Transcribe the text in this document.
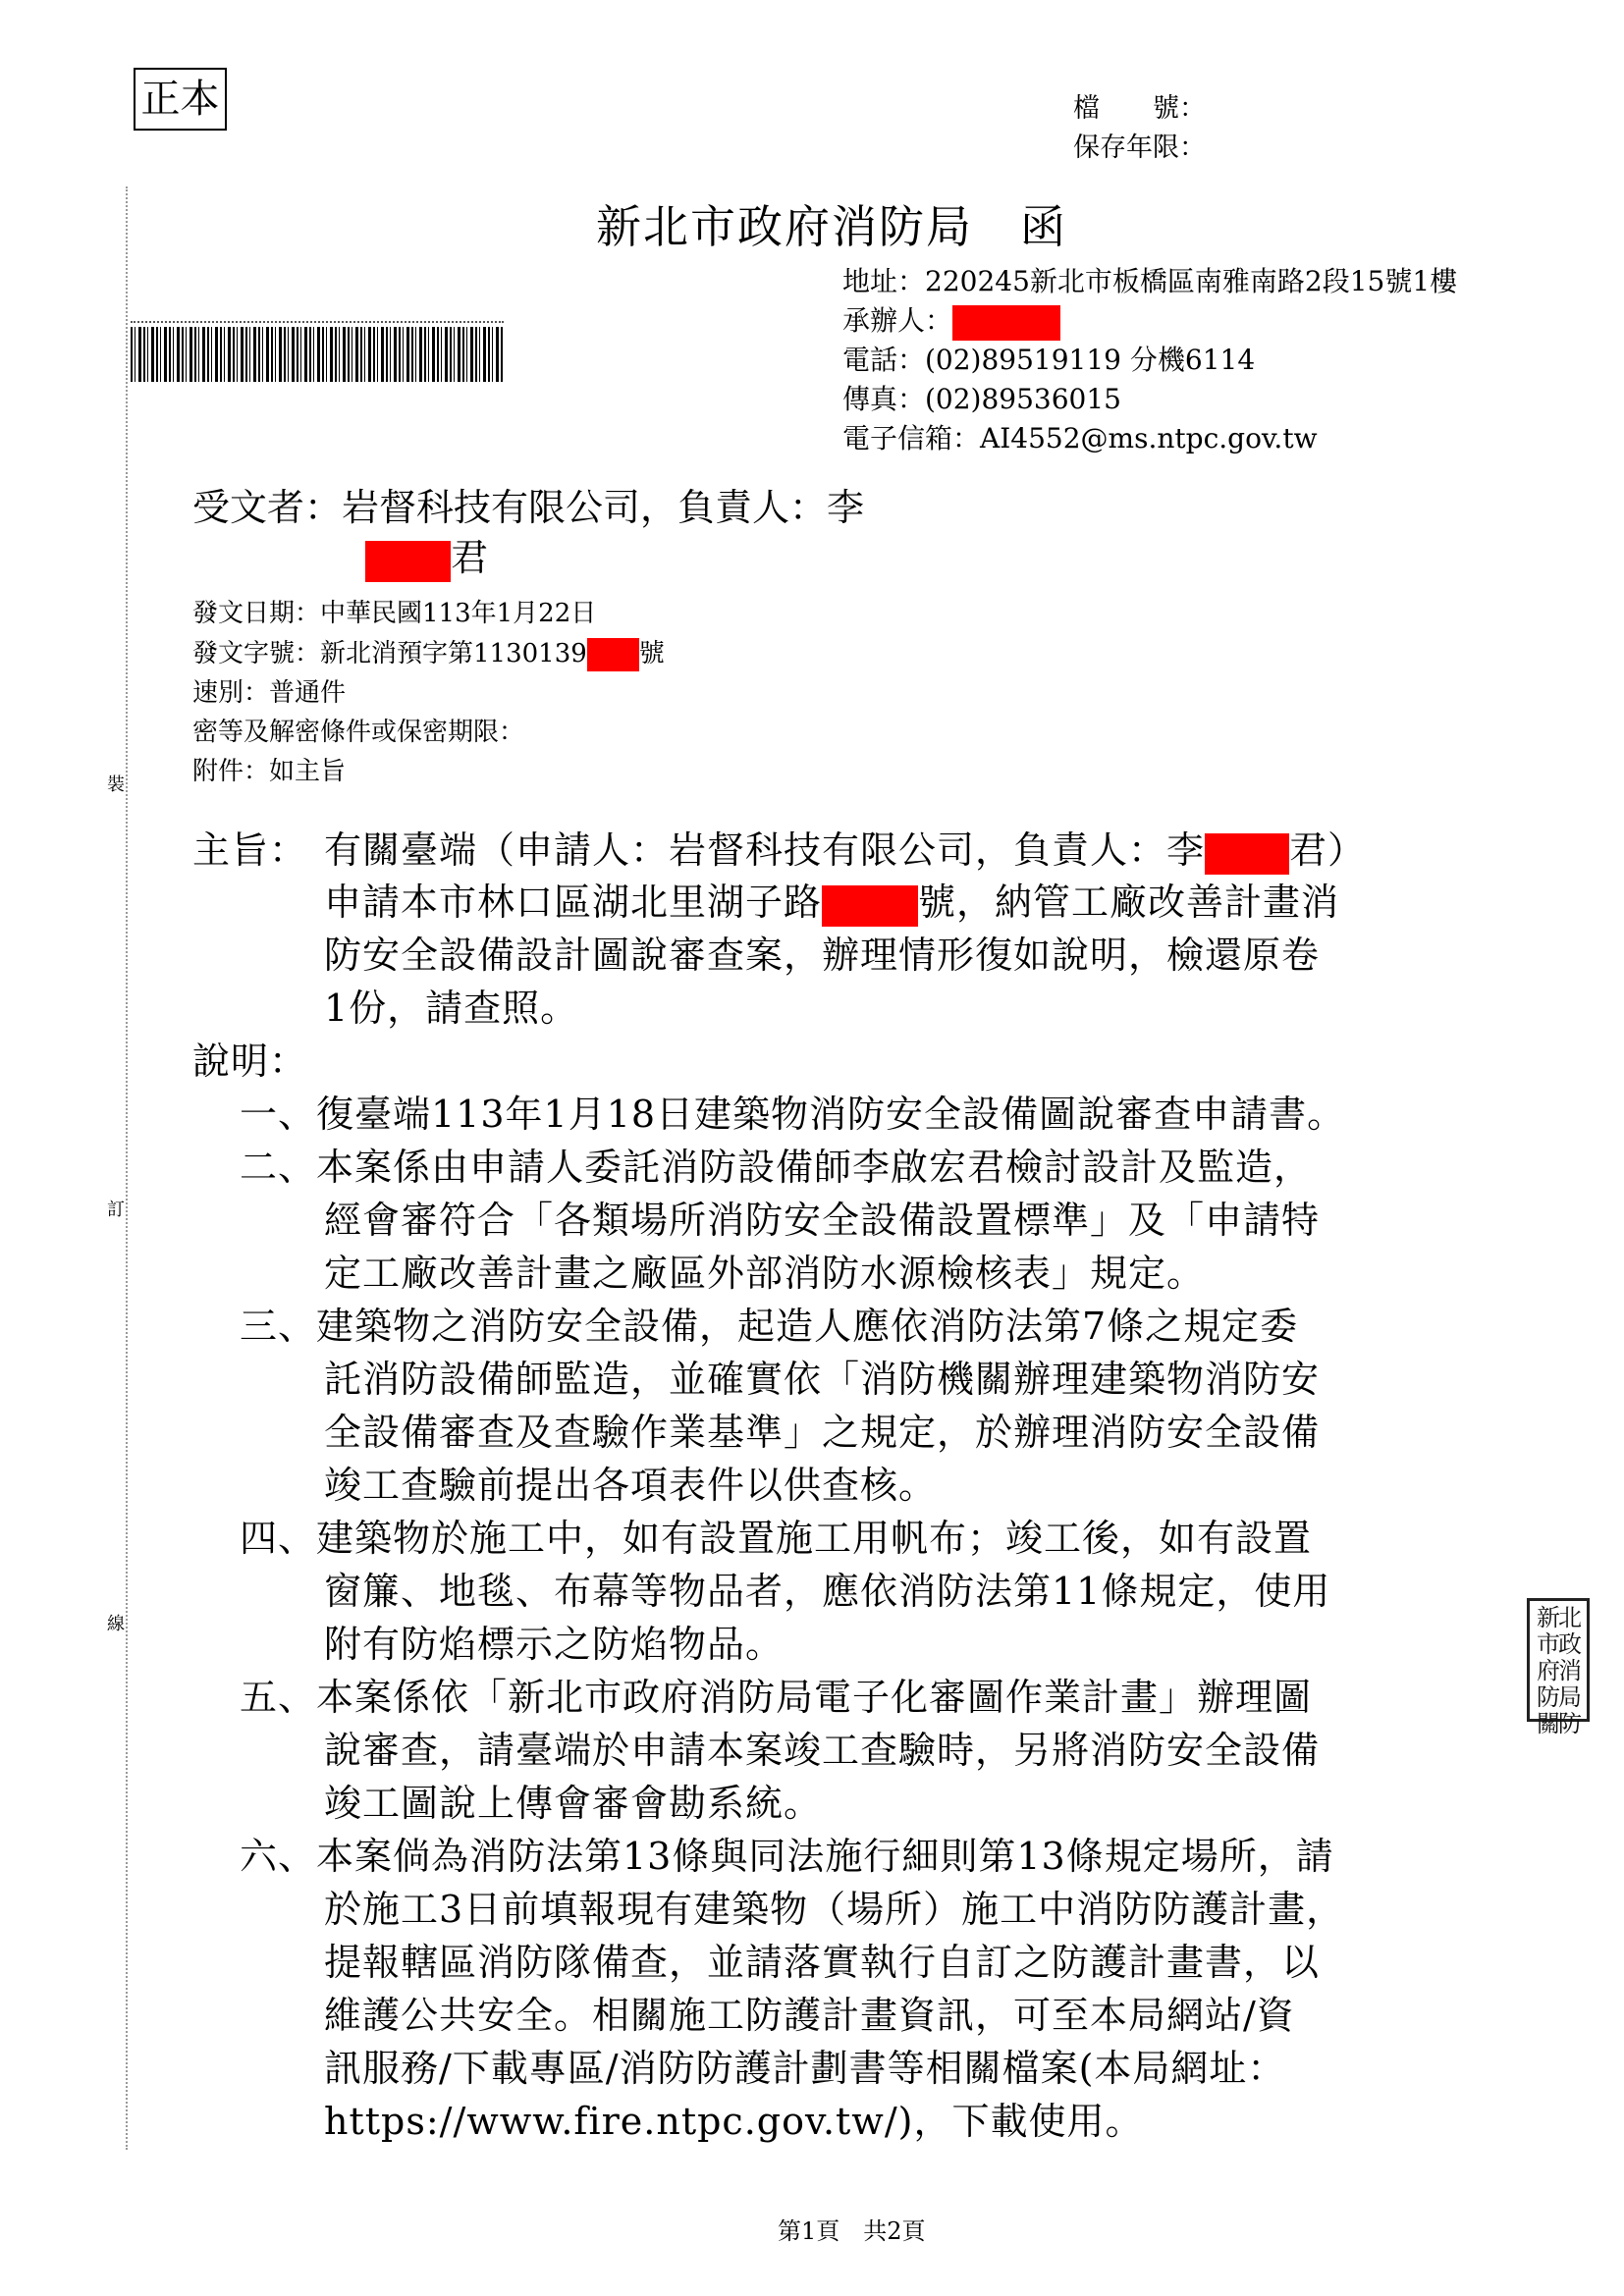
正本	檔　　號：
保存年限：
新北市政府消防局　函
地址：220245新北市板橋區南雅南路2段15號1樓
承辦人：
電話：(02)89519119 分機6114
傳真：(02)89536015
電子信箱：AI4552@ms.ntpc.gov.tw
受文者：岩督科技有限公司，負責人：李
君
發文日期：中華民國113年1月22日
發文字號：新北消預字第1130139 號
速別：普通件
密等及解密條件或保密期限：
附件：如主旨
主旨： 有關臺端（申請人：岩督科技有限公司，負責人：李 君）
申請本市林口區湖北里湖子路	號，納管工廠改善計畫消
防安全設備設計圖說審查案，辦理情形復如說明，檢還原卷
1份，請查照。
說明：
一、復臺端113年1月18日建築物消防安全設備圖說審查申請書。
二、本案係由申請人委託消防設備師李啟宏君檢討設計及監造，
經會審符合「各類場所消防安全設備設置標準」及「申請特
定工廠改善計畫之廠區外部消防水源檢核表」規定。
三、建築物之消防安全設備，起造人應依消防法第7條之規定委
託消防設備師監造，並確實依「消防機關辦理建築物消防安
全設備審查及查驗作業基準」之規定，於辦理消防安全設備
竣工查驗前提出各項表件以供查核。
四、建築物於施工中，如有設置施工用帆布；竣工後，如有設置
窗簾、地毯、布幕等物品者，應依消防法第11條規定，使用
附有防焰標示之防焰物品。
五、本案係依「新北市政府消防局電子化審圖作業計畫」辦理圖
說審查，請臺端於申請本案竣工查驗時，另將消防安全設備
竣工圖說上傳會審會勘系統。
六、本案倘為消防法第13條與同法施行細則第13條規定場所，請
於施工3日前填報現有建築物（場所）施工中消防防護計畫，
提報轄區消防隊備查，並請落實執行自訂之防護計畫書，以
維護公共安全。相關施工防護計畫資訊，可至本局網站/資
訊服務/下載專區/消防防護計劃書等相關檔案(本局網址：
https://www.fire.ntpc.gov.tw/)，下載使用。
裝
訂
線	新北市政府消防局關防
第1頁　共2頁
